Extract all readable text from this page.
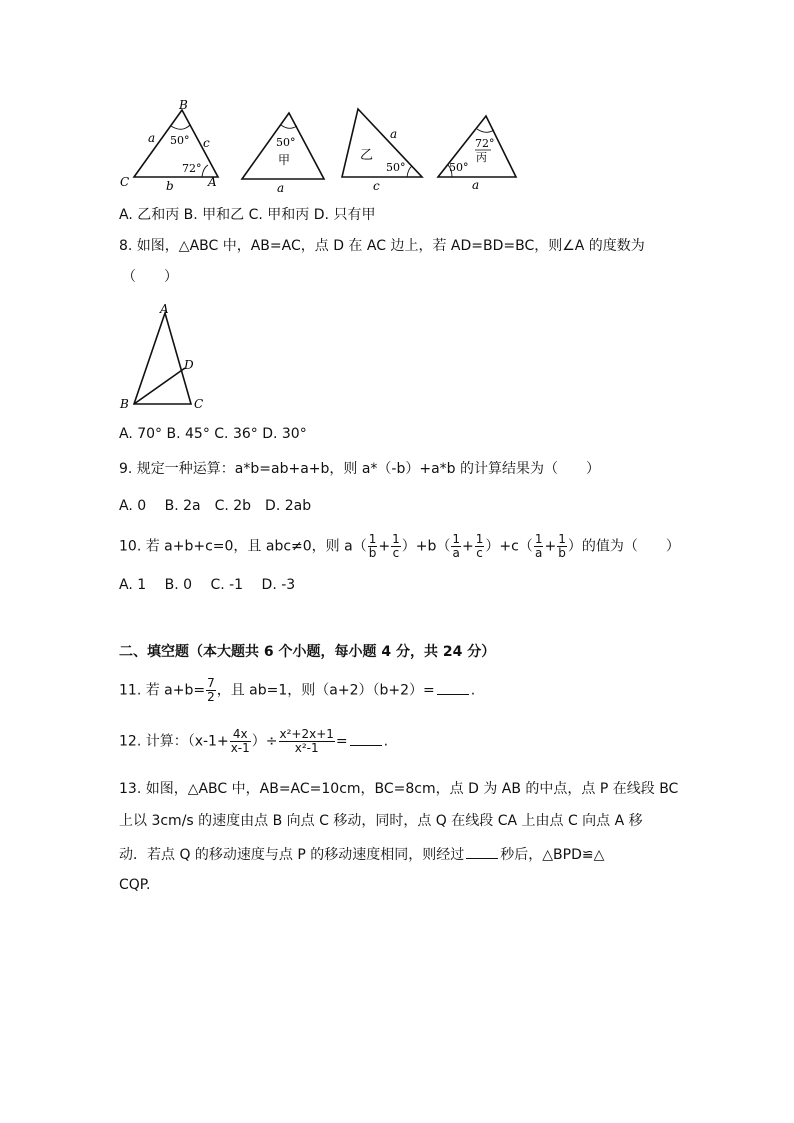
B
C	A
a	c
b
50°
72°
50°
甲
a
乙
a
50°
c
72°
丙
50°
a
A. 乙和丙 B. 甲和乙 C. 甲和丙 D. 只有甲
8. 如图，△ABC 中，AB=AC，点 D 在 AC 边上，若 AD=BD=BC，则∠A 的度数为
（　　）
A
D
B	C
A. 70° B. 45° C. 36° D. 30°
9. 规定一种运算：a*b=ab+a+b，则 a*（-b）+a*b 的计算结果为（　　）
A. 0　 B. 2a　C. 2b　D. 2ab
10. 若 a+b+c=0，且 abc≠0，则 $a( \frac{1}{b} + \frac{1}{c} )+b( \frac{1}{a} + \frac{1}{c} )+c( \frac{1}{a} + \frac{1}{b}$ ）的值为（　　）
A. 1　 B. 0　 C. -1　 D. -3
二、填空题（本大题共 6 个小题，每小题 4 分，共 24 分）
11. 若 $a+b= \frac{7}{2}$ ，且 ab=1，则（a+2）（b+2）=	.
12. 计算：（$x-1+ \frac{4x}{x-1}$ ）÷ $\frac{\text{x²+2x+1}}{\text{x²-1}}$ =	.
13. 如图，△ABC 中，AB=AC=10cm，BC=8cm，点 D 为 AB 的中点，点 P 在线段 BC
上以 3cm/s 的速度由点 B 向点 C 移动，同时，点 Q 在线段 CA 上由点 C 向点 A 移
动．若点 Q 的移动速度与点 P 的移动速度相同，则经过	秒后，△BPD≌△
CQP.
